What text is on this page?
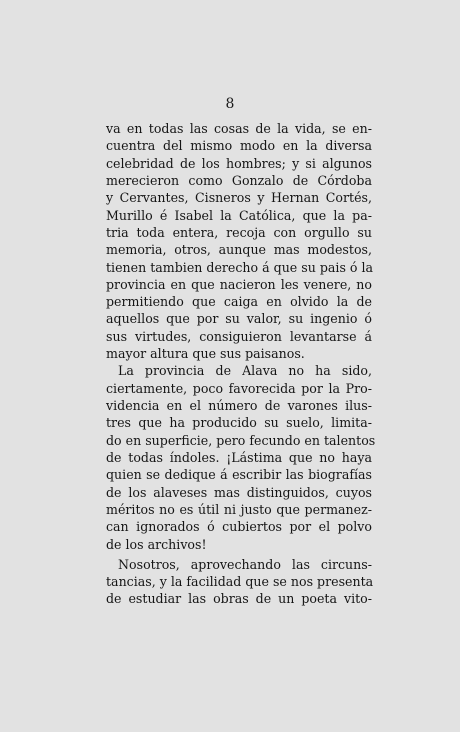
8
va en todas las cosas de la vida, se en-
cuentra del mismo modo en la diversa
celebridad de los hombres; y si algunos
merecieron como Gonzalo de Córdoba
y Cervantes, Cisneros y Hernan Cortés,
Murillo é Isabel la Católica, que la pa-
tria toda entera, recoja con orgullo su
memoria, otros, aunque mas modestos,
tienen tambien derecho á que su pais ó la
provincia en que nacieron les venere, no
permitiendo que caiga en olvido la de
aquellos que por su valor, su ingenio ó
sus virtudes, consiguieron levantarse á
mayor altura que sus paisanos.
La provincia de Alava no ha sido,
ciertamente, poco favorecida por la Pro-
videncia en el número de varones ilus-
tres que ha producido su suelo, limita-
do en superficie, pero fecundo en talentos
de todas índoles. ¡Lástima que no haya
quien se dedique á escribir las biografías
de los alaveses mas distinguidos, cuyos
méritos no es útil ni justo que permanez-
can ignorados ó cubiertos por el polvo
de los archivos!
Nosotros, aprovechando las circuns-
tancias, y la facilidad que se nos presenta
de estudiar las obras de un poeta vito-
